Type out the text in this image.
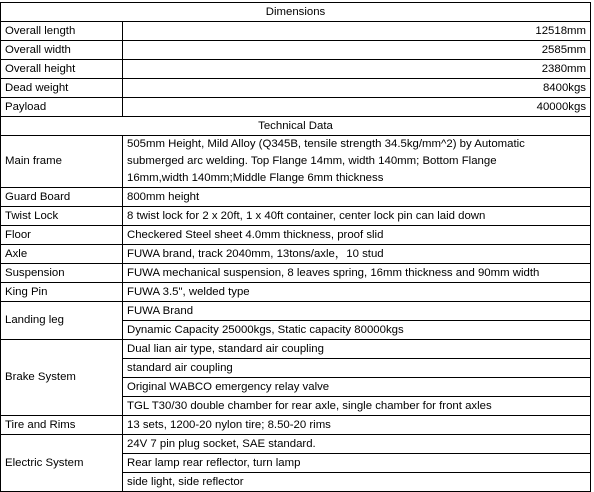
Dimensions	
Overall length	12518mm
Overall width	2585mm
Overall height	2380mm
Dead weight	8400kgs
Payload	40000kgs
Technical Data	
Main frame	505mm Height, Mild Alloy (Q345B, tensile strength 34.5kg/mm^2) by Automatic
submerged arc welding. Top Flange 14mm, width 140mm; Bottom Flange
16mm,width 140mm;Middle Flange 6mm thickness

Guard Board	800mm height
Twist Lock	8 twist lock for 2 x 20ft, 1 x 40ft container, center lock pin can laid down
Floor	Checkered Steel sheet 4.0mm thickness, proof slid
Axle	FUWA brand, track 2040mm, 13tons/axle，10 stud
Suspension	FUWA mechanical suspension, 8 leaves spring, 16mm thickness and 90mm width
King Pin	FUWA 3.5", welded type
Landing leg	FUWA Brand
	Dynamic Capacity 25000kgs, Static capacity 80000kgs
Brake System	Dual lian air type, standard air coupling
	standard air coupling
	Original WABCO emergency relay valve
	TGL T30/30 double chamber for rear axle, single chamber for front axles
Tire and Rims	13 sets, 1200-20 nylon tire; 8.50-20 rims
Electric System	24V 7 pin plug socket, SAE standard.
	Rear lamp rear reflector, turn lamp
	side light, side reflector
